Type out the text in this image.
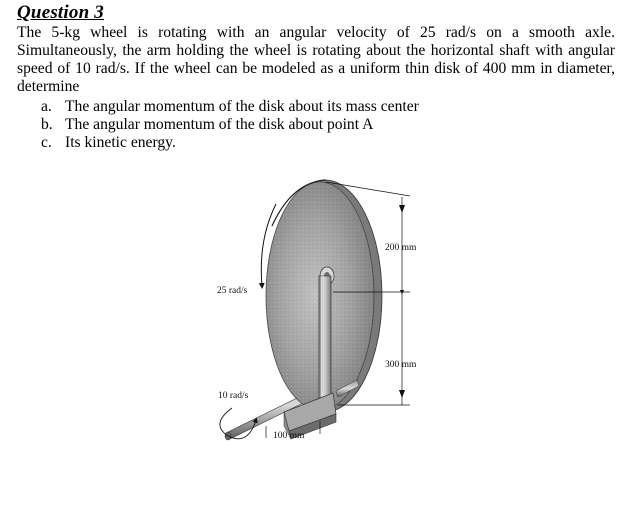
Question 3
The 5-kg wheel is rotating with an angular velocity of 25 rad/s on a smooth axle. Simultaneously, the arm holding the wheel is rotating about the horizontal shaft with angular speed of 10 rad/s. If the wheel can be modeled as a uniform thin disk of 400 mm in diameter, determine
a. The angular momentum of the disk about its mass center
b. The angular momentum of the disk about point A
c. Its kinetic energy.
25 rad/s
200 mm
300 mm
10 rad/s
100 mm
